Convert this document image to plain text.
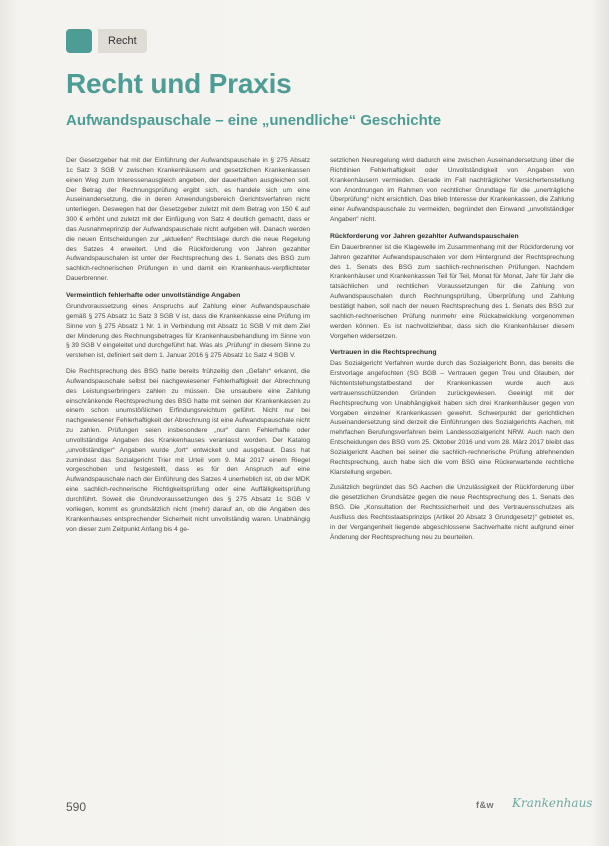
Recht
Recht und Praxis
Aufwandspauschale – eine „unendliche“ Geschichte

Der Gesetzgeber hat mit der Einführung der Aufwandspauschale in § 275 Absatz 1c Satz 3 SGB V zwischen Krankenhäusern und gesetzlichen Krankenkassen einen Weg zum Interessenausgleich angeben, der dauerhaften ausgleichen soll. Der Betrag der Rechnungsprüfung ergibt sich, es handele sich um eine Auseinandersetzung, die in deren Anwendungsbereich Gerichtsverfahren nicht unterliegen. Deswegen hat der Gesetzgeber zuletzt mit dem Betrag von 150 € auf 300 € erhöht und zuletzt mit der Einfügung von Satz 4 deutlich gemacht, dass er das Ausnahmeprinzip der Aufwandspauschale nicht aufgeben will. Danach werden die neuen Entscheidungen zur „aktuellen“ Rechtslage durch die neue Regelung des Satzes 4 erweitert. Und die Rückforderung von Jahren gezahlter Aufwandspauschalen ist unter der Rechtsprechung des 1. Senats des BSG zum sachlich-rechnerischen Prüfungen in und damit ein Krankenhaus-verpflichteter Dauerbrenner.

Vermeintlich fehlerhafte oder unvollständige Angaben

Grundvoraussetzung eines Anspruchs auf Zahlung einer Aufwandspauschale gemäß § 275 Absatz 1c Satz 3 SGB V ist, dass die Krankenkasse eine Prüfung im Sinne von § 275 Absatz 1 Nr. 1 in Verbindung mit Absatz 1c SGB V mit dem Ziel der Minderung des Rechnungsbetrages für Krankenhausbehandlung im Sinne von § 39 SGB V eingeleitet und durchgeführt hat. Was als „Prüfung“ in diesem Sinne zu verstehen ist, definiert seit dem 1. Januar 2016 § 275 Absatz 1c Satz 4 SGB V.

Die Rechtsprechung des BSG hatte bereits frühzeitig den „Gefahr“ erkannt, die Aufwandspauschale selbst bei nachgewiesener Fehlerhaftigkeit der Abrechnung des Leistungserbringers zahlen zu müssen. Die unsaubere eine Zahlung einschränkende Rechtsprechung des BSG hatte mit seinen der Krankenkassen zu einem schon unumstößlichen Erfindungsreichtum geführt. Nicht nur bei nachgewiesener Fehlerhaftigkeit der Abrechnung ist eine Aufwandspauschale nicht zu zahlen. Prüfungen seien insbesondere „nur“ dann Fehlerhafte oder unvollständige Angaben des Krankenhauses veranlasst worden. Der Katalog „unvollständiger“ Angaben wurde „fort“ entwickelt und ausgebaut. Dass hat zumindest das Sozialgericht Trier mit Urteil vom 9. Mai 2017 einem Riegel vorgeschoben und festgestellt, dass es für den Anspruch auf eine Aufwandspauschale nach der Einführung des Satzes 4 unerheblich ist, ob der MDK eine sachlich-rechnerische Richtigkeitsprüfung oder eine Auffälligkeitsprüfung durchführt. Soweit die Grundvoraussetzungen des § 275 Absatz 1c SGB V vorliegen, kommt es grundsätzlich nicht (mehr) darauf an, ob die Angaben des Krankenhauses entsprechender Sicherheit nicht unvollständig waren. Unabhängig von dieser zum Zeitpunkt Anfang bis 4 ge-

setzlichen Neuregelung wird dadurch eine zwischen Auseinandersetzung über die Richtlinien Fehlerhaftigkeit oder Unvollständigkeit von Angaben von Krankenhäusern vermieden. Gerade im Fall nachträglicher Versichertenstellung von Anordnungen im Rahmen von rechtlicher Grundlage für die „unerträgliche Überprüfung“ nicht ersichtlich. Das blieb Interesse der Krankenkassen, die Zahlung einer Aufwandspauschale zu vermeiden, begründet den Einwand „unvollständiger Angaben“ nicht.

Rückforderung vor Jahren gezahlter Aufwandspauschalen

Ein Dauerbrenner ist die Klagewelle im Zusammenhang mit der Rückforderung vor Jahren gezahlter Aufwandspauschalen vor dem Hintergrund der Rechtsprechung des 1. Senats des BSG zum sachlich-rechnerischen Prüfungen. Nachdem Krankenhäuser und Krankenkassen Teil für Teil, Monat für Monat, Jahr für Jahr die tatsächlichen und rechtlichen Voraussetzungen für die Zahlung von Aufwandspauschalen durch Rechnungsprüfung, Überprüfung und Zahlung bestätigt haben, soll nach der neuen Rechtsprechung des 1. Senats des BSG zur sachlich-rechnerischen Prüfung nunmehr eine Rückabwicklung vorgenommen werden können. Es ist nachvollziehbar, dass sich die Krankenhäuser diesem Vorgehen widersetzen.

Vertrauen in die Rechtsprechung

Das Sozialgericht Verfahren wurde durch das Sozialgericht Bonn, das bereits die Erstvorlage angefochten (SG BGB – Vertrauen gegen Treu und Glauben, der Nichtentstehungstatbestand der Krankenkassen wurde auch aus vertrauensschützenden Gründen zurückgewiesen. Geeinigt mit der Rechtsprechung von Unabhängigkeit haben sich drei Krankenhäuser gegen von Vorgaben einzelner Krankenkassen gewehrt. Schwerpunkt der gerichtlichen Auseinandersetzung sind derzeit die Einführungen des Sozialgerichts Aachen, mit mehrfachen Berufungsverfahren beim Landessozialgericht NRW. Auch nach den Entscheidungen des BSG vom 25. Oktober 2016 und vom 28. März 2017 bleibt das Sozialgericht Aachen bei seiner die sachlich-rechnerische Prüfung ablehnenden Rechtsprechung, auch habe sich die vom BSG eine Rückerwartende rechtliche Klarstellung ergeben.

Zusätzlich begründet das SG Aachen die Unzulässigkeit der Rückforderung über die gesetzlichen Grundsätze gegen die neue Rechtsprechung des 1. Senats des BSG. Die „Konsultation der Rechtssicherheit und des Vertrauensschutzes als Ausfluss des Rechtsstaatsprinzips (Artikel 20 Absatz 3 Grundgesetz)“ gebietet es, in der Vergangenheit liegende abgeschlossene Sachverhalte nicht aufgrund einer Änderung der Rechtsprechung neu zu beurteilen.

590	f&w Krankenhaus
